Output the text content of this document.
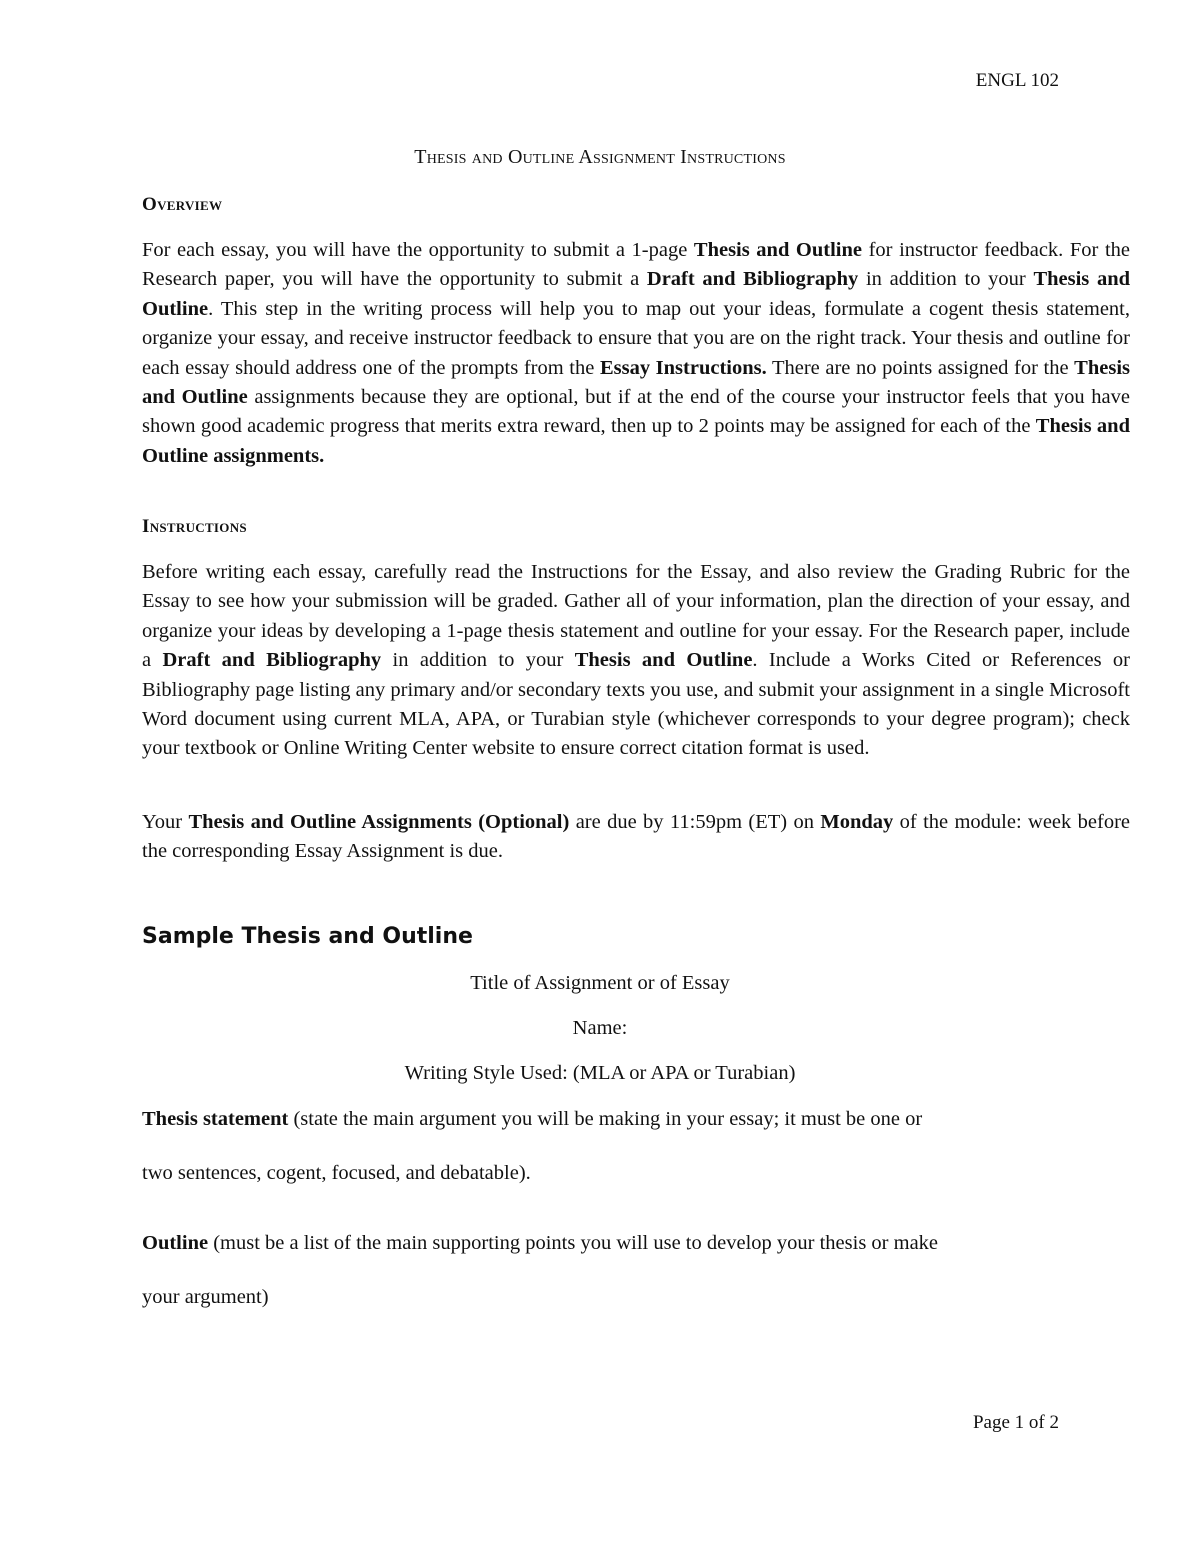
ENGL 102
Thesis and Outline Assignment Instructions
Overview

For each essay, you will have the opportunity to submit a 1-page Thesis and Outline for instructor feedback. For the Research paper, you will have the opportunity to submit a Draft and Bibliography in addition to your Thesis and Outline. This step in the writing process will help you to map out your ideas, formulate a cogent thesis statement, organize your essay, and receive instructor feedback to ensure that you are on the right track. Your thesis and outline for each essay should address one of the prompts from the Essay Instructions. There are no points assigned for the Thesis and Outline assignments because they are optional, but if at the end of the course your instructor feels that you have shown good academic progress that merits extra reward, then up to 2 points may be assigned for each of the Thesis and Outline assignments.

Instructions

Before writing each essay, carefully read the Instructions for the Essay, and also review the Grading Rubric for the Essay to see how your submission will be graded. Gather all of your information, plan the direction of your essay, and organize your ideas by developing a 1-page thesis statement and outline for your essay. For the Research paper, include a Draft and Bibliography in addition to your Thesis and Outline. Include a Works Cited or References or Bibliography page listing any primary and/or secondary texts you use, and submit your assignment in a single Microsoft Word document using current MLA, APA, or Turabian style (whichever corresponds to your degree program); check your textbook or Online Writing Center website to ensure correct citation format is used.

Your Thesis and Outline Assignments (Optional) are due by 11:59pm (ET) on Monday of the module: week before the corresponding Essay Assignment is due.

Sample Thesis and Outline
Title of Assignment or of Essay
Name:
Writing Style Used: (MLA or APA or Turabian)
Thesis statement (state the main argument you will be making in your essay; it must be one or
two sentences, cogent, focused, and debatable).
Outline (must be a list of the main supporting points you will use to develop your thesis or make
your argument)
Page 1 of 2
